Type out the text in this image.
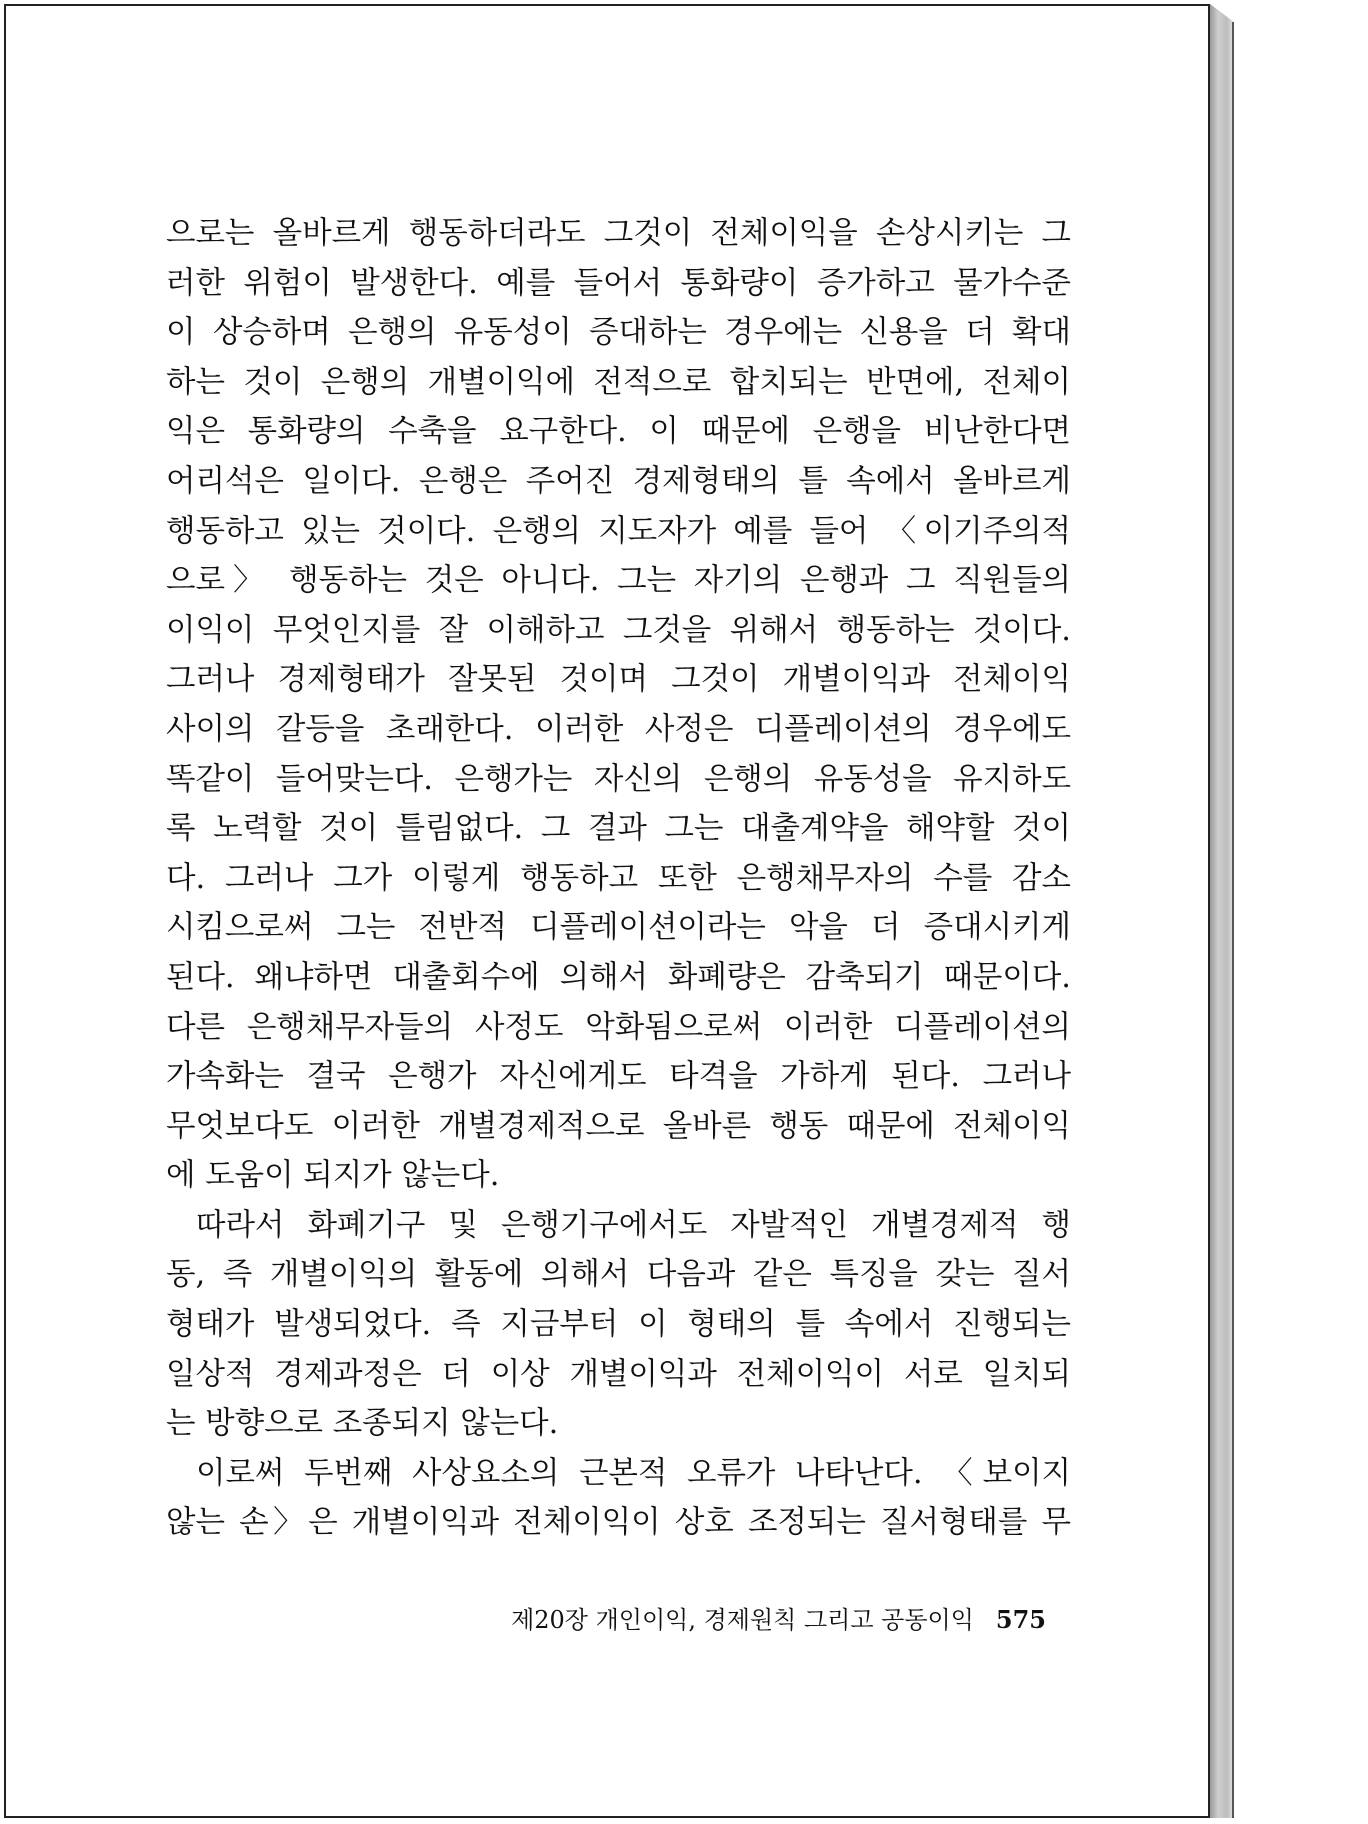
으로는 올바르게 행동하더라도 그것이 전체이익을 손상시키는 그
러한 위험이 발생한다. 예를 들어서 통화량이 증가하고 물가수준
이 상승하며 은행의 유동성이 증대하는 경우에는 신용을 더 확대
하는 것이 은행의 개별이익에 전적으로 합치되는 반면에, 전체이
익은 통화량의 수축을 요구한다. 이 때문에 은행을 비난한다면
어리석은 일이다. 은행은 주어진 경제형태의 틀 속에서 올바르게
행동하고 있는 것이다. 은행의 지도자가 예를 들어 〈이기주의적
으로〉 행동하는 것은 아니다. 그는 자기의 은행과 그 직원들의
이익이 무엇인지를 잘 이해하고 그것을 위해서 행동하는 것이다.
그러나 경제형태가 잘못된 것이며 그것이 개별이익과 전체이익
사이의 갈등을 초래한다. 이러한 사정은 디플레이션의 경우에도
똑같이 들어맞는다. 은행가는 자신의 은행의 유동성을 유지하도
록 노력할 것이 틀림없다. 그 결과 그는 대출계약을 해약할 것이
다. 그러나 그가 이렇게 행동하고 또한 은행채무자의 수를 감소
시킴으로써 그는 전반적 디플레이션이라는 악을 더 증대시키게
된다. 왜냐하면 대출회수에 의해서 화폐량은 감축되기 때문이다.
다른 은행채무자들의 사정도 악화됨으로써 이러한 디플레이션의
가속화는 결국 은행가 자신에게도 타격을 가하게 된다. 그러나
무엇보다도 이러한 개별경제적으로 올바른 행동 때문에 전체이익
에 도움이 되지가 않는다.
따라서 화폐기구 및 은행기구에서도 자발적인 개별경제적 행
동, 즉 개별이익의 활동에 의해서 다음과 같은 특징을 갖는 질서
형태가 발생되었다. 즉 지금부터 이 형태의 틀 속에서 진행되는
일상적 경제과정은 더 이상 개별이익과 전체이익이 서로 일치되
는 방향으로 조종되지 않는다.
이로써 두번째 사상요소의 근본적 오류가 나타난다. 〈보이지
않는 손〉은 개별이익과 전체이익이 상호 조정되는 질서형태를 무
제20장 개인이익, 경제원칙 그리고 공동이익 575
